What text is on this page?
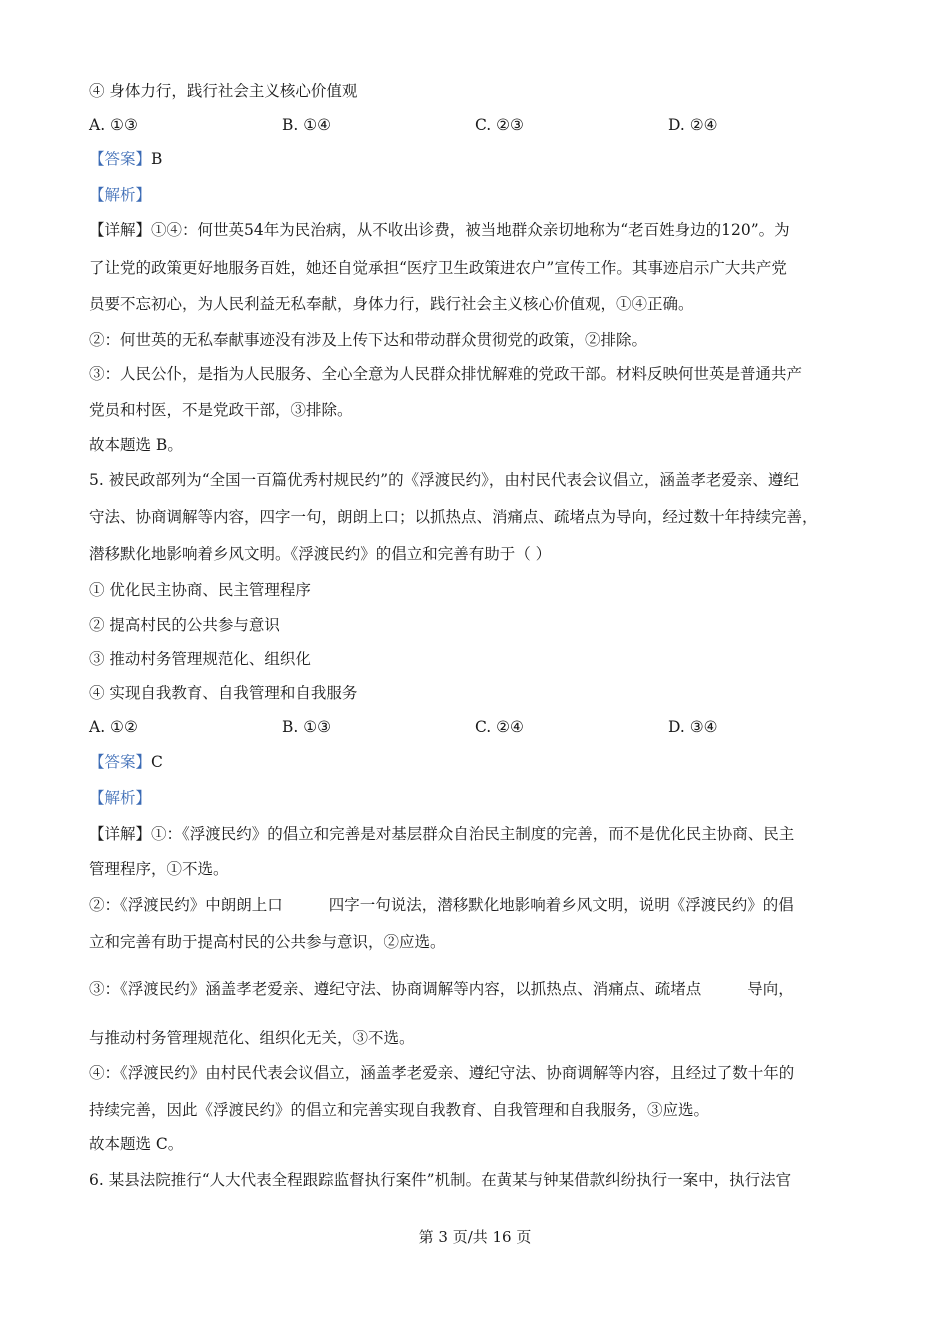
④ 身体力行，践行社会主义核心价值观
A. ①③	B. ①④	C. ②③	D. ②④
【答案】B
【解析】
【详解】①④：何世英54年为民治病，从不收出诊费，被当地群众亲切地称为“老百姓身边的120”。为
了让党的政策更好地服务百姓，她还自觉承担“医疗卫生政策进农户”宣传工作。其事迹启示广大共产党
员要不忘初心，为人民利益无私奉献，身体力行，践行社会主义核心价值观，①④正确。
②：何世英的无私奉献事迹没有涉及上传下达和带动群众贯彻党的政策，②排除。
③：人民公仆，是指为人民服务、全心全意为人民群众排忧解难的党政干部。材料反映何世英是普通共产
党员和村医，不是党政干部，③排除。
故本题选 B。
5. 被民政部列为“全国一百篇优秀村规民约”的《浮渡民约》，由村民代表会议倡立，涵盖孝老爱亲、遵纪
守法、协商调解等内容，四字一句，朗朗上口；以抓热点、消痛点、疏堵点为导向，经过数十年持续完善，
潜移默化地影响着乡风文明。《浮渡民约》的倡立和完善有助于（ ）
① 优化民主协商、民主管理程序
② 提高村民的公共参与意识
③ 推动村务管理规范化、组织化
④ 实现自我教育、自我管理和自我服务
A. ①②	B. ①③	C. ②④	D. ③④
【答案】C
【解析】
【详解】①：《浮渡民约》的倡立和完善是对基层群众自治民主制度的完善，而不是优化民主协商、民主
管理程序，①不选。
②：《浮渡民约》中朗朗上口	四字一句说法，潜移默化地影响着乡风文明，说明《浮渡民约》的倡
立和完善有助于提高村民的公共参与意识，②应选。
③：《浮渡民约》涵盖孝老爱亲、遵纪守法、协商调解等内容，以抓热点、消痛点、疏堵点	导向，
与推动村务管理规范化、组织化无关，③不选。
④：《浮渡民约》由村民代表会议倡立，涵盖孝老爱亲、遵纪守法、协商调解等内容，且经过了数十年的
持续完善，因此《浮渡民约》的倡立和完善实现自我教育、自我管理和自我服务，③应选。
故本题选 C。
6. 某县法院推行“人大代表全程跟踪监督执行案件”机制。在黄某与钟某借款纠纷执行一案中，执行法官
第 3 页/共 16 页
